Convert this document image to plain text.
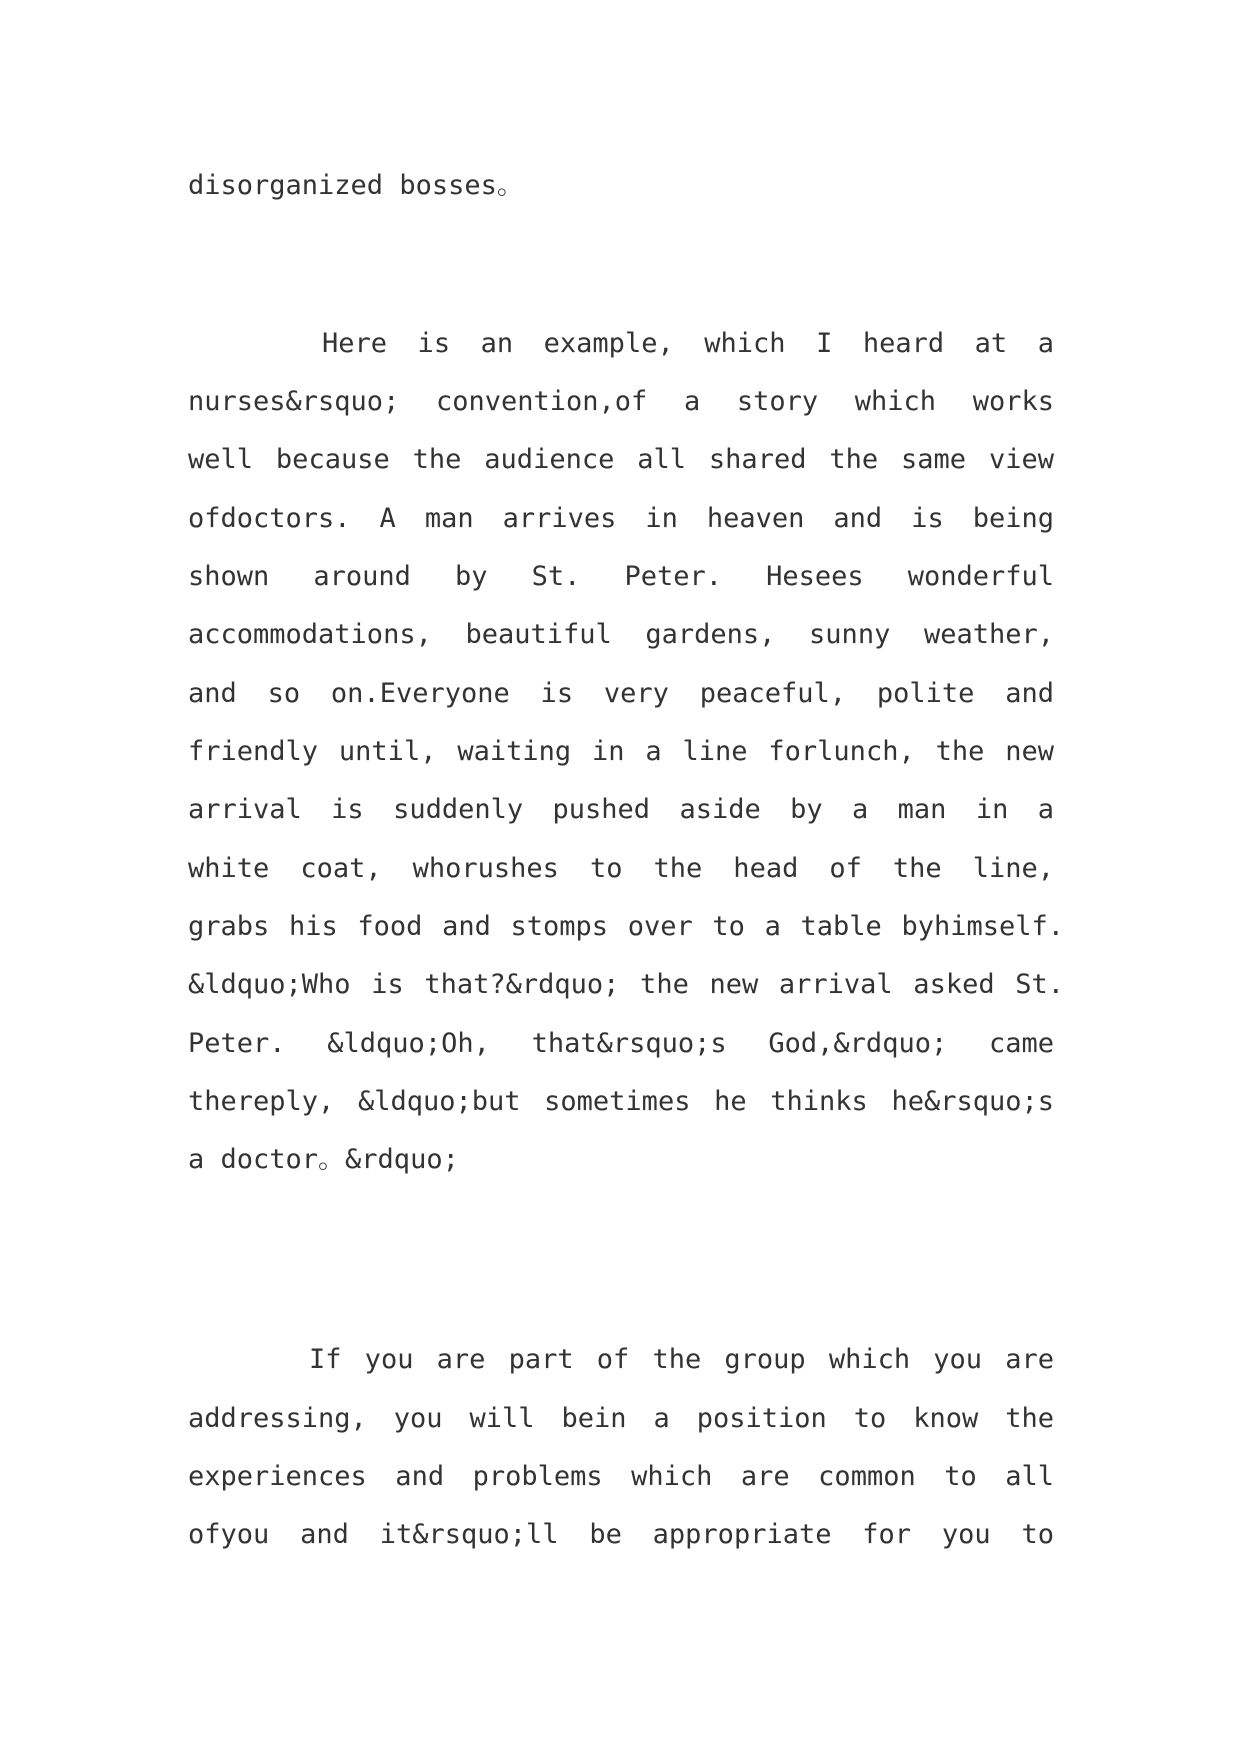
disorganized bosses。
Here is an example, which I heard at a
nurses&rsquo; convention,of a story which works
well because the audience all shared the same view
ofdoctors. A man arrives in heaven and is being
shown around by St. Peter. Hesees wonderful
accommodations, beautiful gardens, sunny weather,
and so on.Everyone is very peaceful, polite and
friendly until, waiting in a line forlunch, the new
arrival is suddenly pushed aside by a man in a
white coat, whorushes to the head of the line,
grabs his food and stomps over to a table byhimself.
&ldquo;Who is that?&rdquo; the new arrival asked St.
Peter. &ldquo;Oh, that&rsquo;s God,&rdquo; came
thereply, &ldquo;but sometimes he thinks he&rsquo;s
a doctor。&rdquo;
If you are part of the group which you are
addressing, you will bein a position to know the
experiences and problems which are common to all
ofyou and it&rsquo;ll be appropriate for you to
